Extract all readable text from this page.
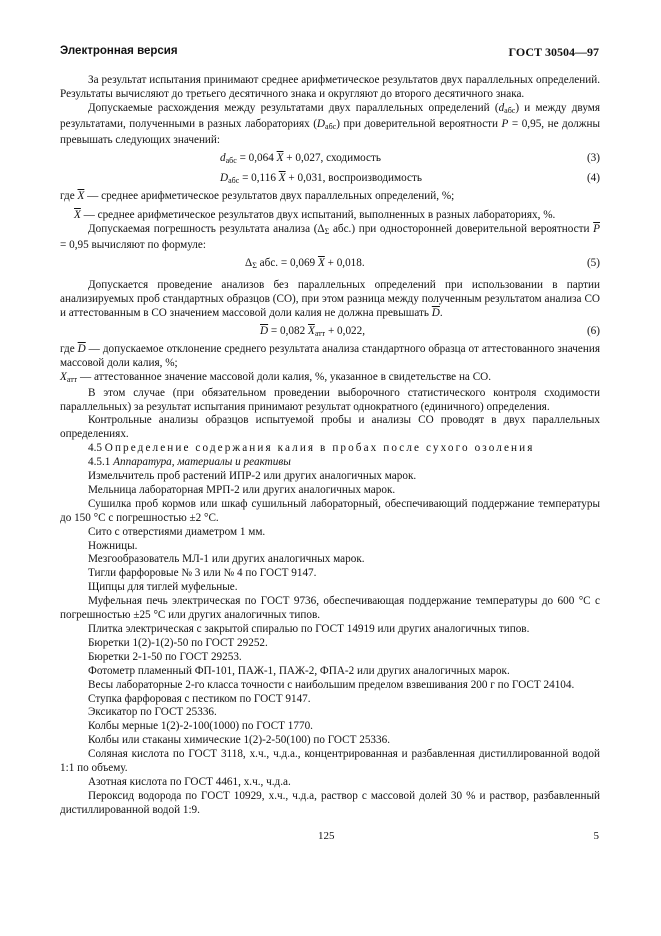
Электронная версия	ГОСТ 30504—97

За результат испытания принимают среднее арифметическое результатов двух параллельных определений. Результаты вычисляют до третьего десятичного знака и округляют до второго десятичного знака.

Допускаемые расхождения между результатами двух параллельных определений (dабс) и между двумя результатами, полученными в разных лабораториях (Dабс) при доверительной вероятности P = 0,95, не должны превышать следующих значений:

dабс = 0,064 $\overline{X} + 0,027$, сходимость	(3)
Dабс = 0,116 $\overline{X} + 0,031$, воспроизводимость	(4)

где $\overline{X}$ — среднее арифметическое результатов двух параллельных определений, %;

$\overline{X}$ — среднее арифметическое результатов двух испытаний, выполненных в разных лабораториях, %.

Допускаемая погрешность результата анализа (ΔΣ абс.) при односторонней доверительной вероятности $\overline{P} = 0,95$ вычисляют по формуле:

ΔΣ абс. = 0,069 $\overline{X} + 0,018$.	(5)

Допускается проведение анализов без параллельных определений при использовании в партии анализируемых проб стандартных образцов (СО), при этом разница между полученным результатом анализа СО и аттестованным в СО значением массовой доли калия не должна превышать $\overline{D}$.

$\overline{D} = 0,082$ $\overline{X}атт + 0,022$,	(6)

где $\overline{D}$ — допускаемое отклонение среднего результата анализа стандартного образца от аттестованного значения массовой доли калия, %;

Xатт — аттестованное значение массовой доли калия, %, указанное в свидетельстве на СО.

В этом случае (при обязательном проведении выборочного статистического контроля сходимости параллельных) за результат испытания принимают результат однократного (единичного) определения.

Контрольные анализы образцов испытуемой пробы и анализы СО проводят в двух параллельных определениях.

4.5 Определение содержания калия в пробах после сухого озоления

4.5.1 Аппаратура, материалы и реактивы

Измельчитель проб растений ИПР-2 или других аналогичных марок.

Мельница лабораторная МРП-2 или других аналогичных марок.

Сушилка проб кормов или шкаф сушильный лабораторный, обеспечивающий поддержание температуры до 150 °С с погрешностью ±2 °С.

Сито с отверстиями диаметром 1 мм.

Ножницы.

Мезгообразователь МЛ-1 или других аналогичных марок.

Тигли фарфоровые № 3 или № 4 по ГОСТ 9147.

Щипцы для тиглей муфельные.

Муфельная печь электрическая по ГОСТ 9736, обеспечивающая поддержание температуры до 600 °С с погрешностью ±25 °С или других аналогичных типов.

Плитка электрическая с закрытой спиралью по ГОСТ 14919 или других аналогичных типов.

Бюретки 1(2)-1(2)-50 по ГОСТ 29252.

Бюретки 2-1-50 по ГОСТ 29253.

Фотометр пламенный ФП-101, ПАЖ-1, ПАЖ-2, ФПА-2 или других аналогичных марок.

Весы лабораторные 2-го класса точности с наибольшим пределом взвешивания 200 г по ГОСТ 24104.

Ступка фарфоровая с пестиком по ГОСТ 9147.

Эксикатор по ГОСТ 25336.

Колбы мерные 1(2)-2-100(1000) по ГОСТ 1770.

Колбы или стаканы химические 1(2)-2-50(100) по ГОСТ 25336.

Соляная кислота по ГОСТ 3118, х.ч., ч.д.а., концентрированная и разбавленная дистиллированной водой 1:1 по объему.

Азотная кислота по ГОСТ 4461, х.ч., ч.д.а.

Пероксид водорода по ГОСТ 10929, х.ч., ч.д.а, раствор с массовой долей 30 % и раствор, разбавленный дистиллированной водой 1:9.

125	5
